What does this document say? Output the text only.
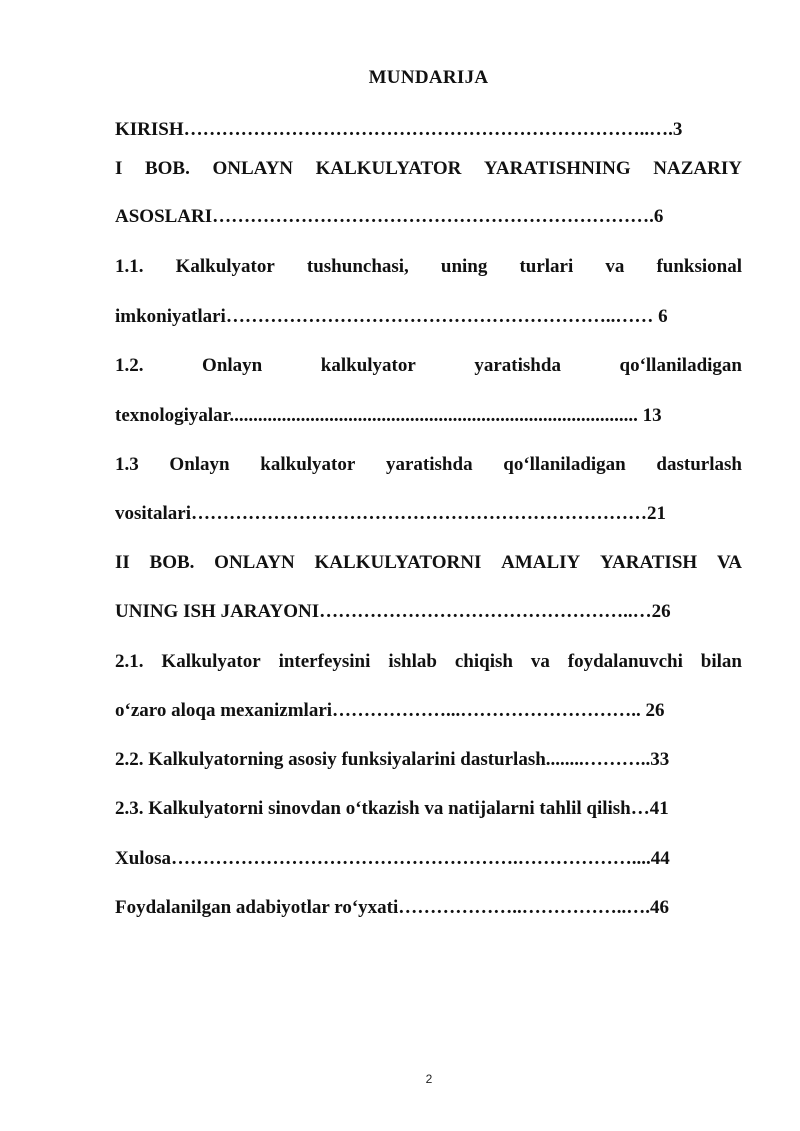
MUNDARIJA
KIRISH………………………………………………………………..….3
I BOB. ONLAYN KALKULYATOR YARATISHNING NAZARIY
ASOSLARI…………………………………………………………….6
1.1. Kalkulyator tushunchasi, uning turlari va funksional
imkoniyatlari……………………………………………………..…… 6
1.2.	Onlayn	kalkulyator	yaratishda	qo‘llaniladigan
texnologiyalar...................................................................................... 13
1.3 Onlayn kalkulyator yaratishda qo‘llaniladigan dasturlash
vositalari………………………………………………………………21
II BOB. ONLAYN KALKULYATORNI AMALIY YARATISH VA
UNING ISH JARAYONI…………………………………………..…26
2.1. Kalkulyator interfeysini ishlab chiqish va foydalanuvchi bilan
o‘zaro aloqa mexanizmlari………………...……………………….. 26
2.2. Kalkulyatorning asosiy funksiyalarini dasturlash........………..33
2.3. Kalkulyatorni sinovdan o‘tkazish va natijalarni tahlil qilish…41
Xulosa……………………………………………….………………....44
Foydalanilgan adabiyotlar ro‘yxati………………..……………..….46
2
